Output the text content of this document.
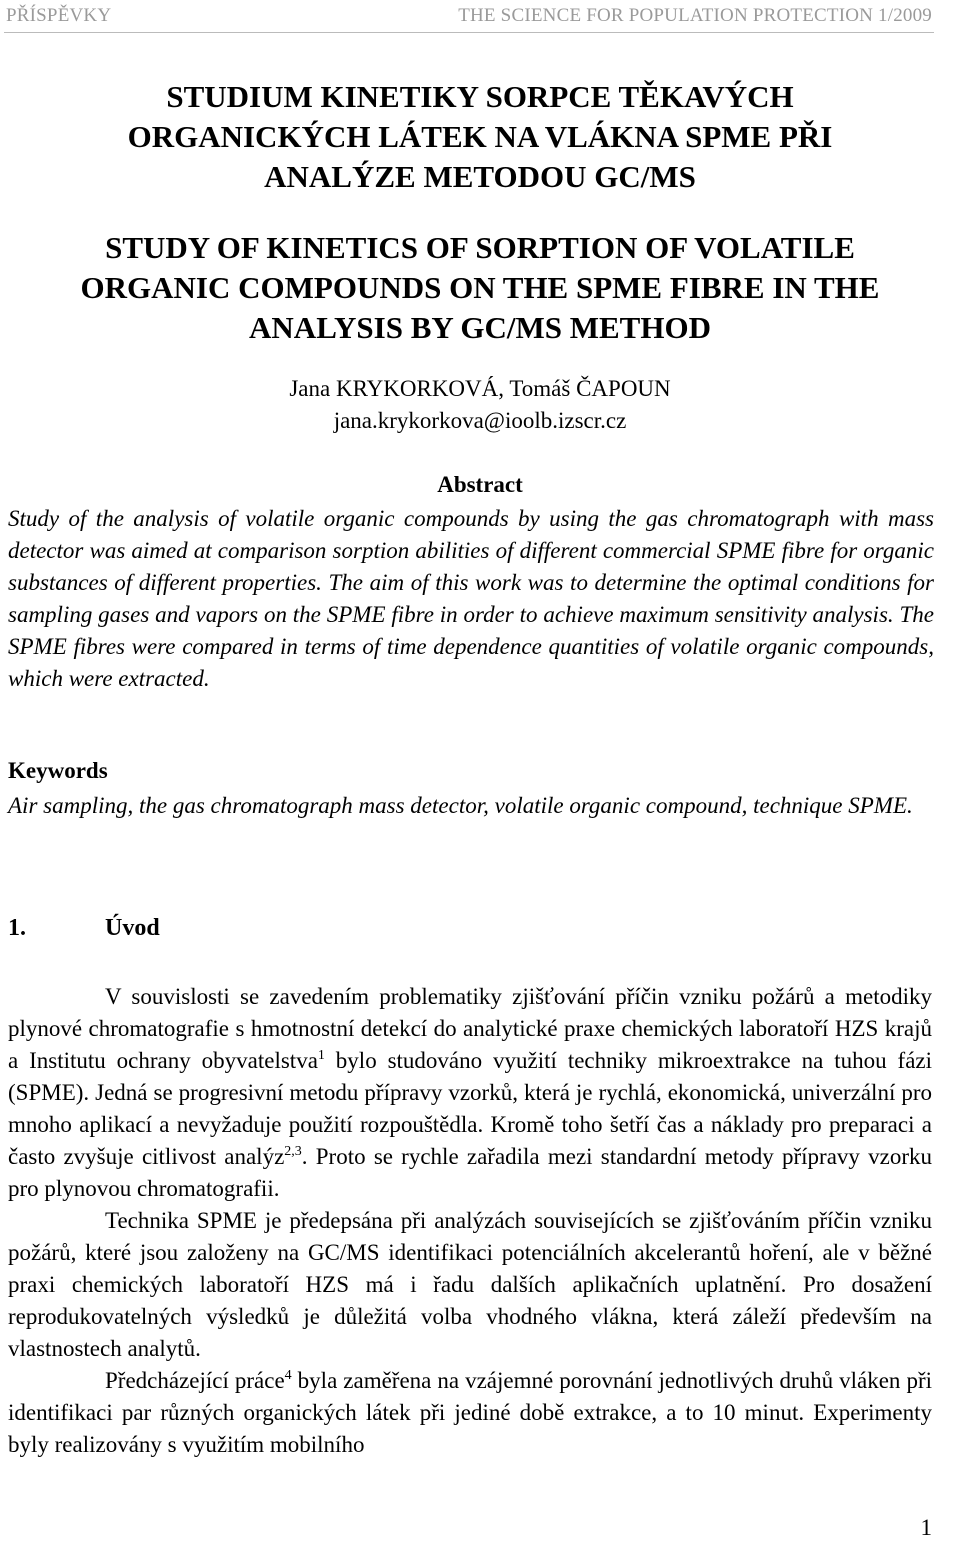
PŘÍSPĚVKY	THE SCIENCE FOR POPULATION PROTECTION 1/2009
STUDIUM KINETIKY SORPCE TĚKAVÝCH
ORGANICKÝCH LÁTEK NA VLÁKNA SPME PŘI
ANALÝZE METODOU GC/MS
STUDY OF KINETICS OF SORPTION OF VOLATILE
ORGANIC COMPOUNDS ON THE SPME FIBRE IN THE
ANALYSIS BY GC/MS METHOD
Jana KRYKORKOVÁ, Tomáš ČAPOUN
jana.krykorkova@ioolb.izscr.cz
Abstract

Study of the analysis of volatile organic compounds by using the gas chromatograph with mass detector was aimed at comparison sorption abilities of different commercial SPME fibre for organic substances of different properties. The aim of this work was to determine the optimal conditions for sampling gases and vapors on the SPME fibre in order to achieve maximum sensitivity analysis. The SPME fibres were compared in terms of time dependence quantities of volatile organic compounds, which were extracted.

Keywords

Air sampling, the gas chromatograph mass detector, volatile organic compound, technique SPME.

1.	Úvod

V souvislosti se zavedením problematiky zjišťování příčin vzniku požárů a metodiky plynové chromatografie s hmotnostní detekcí do analytické praxe chemických laboratoří HZS krajů a Institutu ochrany obyvatelstva$^1$ bylo studováno využití techniky mikroextrakce na tuhou fázi (SPME). Jedná se progresivní metodu přípravy vzorků, která je rychlá, ekonomická, univerzální pro mnoho aplikací a nevyžaduje použití rozpouštědla. Kromě toho šetří čas a náklady pro preparaci a často zvyšuje citlivost analýz$^{2,3}$. Proto se rychle zařadila mezi standardní metody přípravy vzorku pro plynovou chromatografii.

Technika SPME je předepsána při analýzách souvisejících se zjišťováním příčin vzniku požárů, které jsou založeny na GC/MS identifikaci potenciálních akcelerantů hoření, ale v běžné praxi chemických laboratoří HZS má i řadu dalších aplikačních uplatnění. Pro dosažení reprodukovatelných výsledků je důležitá volba vhodného vlákna, která záleží především na vlastnostech analytů.

Předcházející práce$^4$ byla zaměřena na vzájemné porovnání jednotlivých druhů vláken při identifikaci par různých organických látek při jediné době extrakce, a to 10 minut. Experimenty byly realizovány s využitím mobilního

1
